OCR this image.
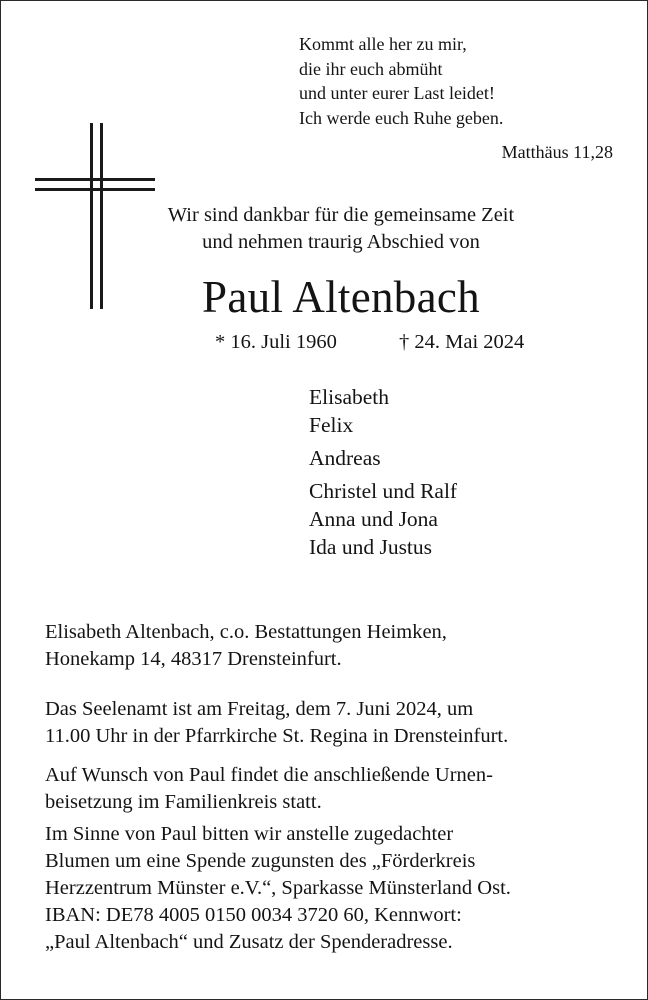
Kommt alle her zu mir,
die ihr euch abmüht
und unter eurer Last leidet!
Ich werde euch Ruhe geben.
Matthäus 11,28
Wir sind dankbar für die gemeinsame Zeit
und nehmen traurig Abschied von
Paul Altenbach
* 16. Juli 1960	† 24. Mai 2024
Elisabeth
Felix
Andreas
Christel und Ralf
Anna und Jona
Ida und Justus
Elisabeth Altenbach, c.o. Bestattungen Heimken,
Honekamp 14, 48317 Drensteinfurt.
Das Seelenamt ist am Freitag, dem 7. Juni 2024, um
11.00 Uhr in der Pfarrkirche St. Regina in Drensteinfurt.
Auf Wunsch von Paul findet die anschließende Urnen-
beisetzung im Familienkreis statt.
Im Sinne von Paul bitten wir anstelle zugedachter
Blumen um eine Spende zugunsten des „Förderkreis
Herzzentrum Münster e.V.“, Sparkasse Münsterland Ost.
IBAN: DE78 4005 0150 0034 3720 60, Kennwort:
„Paul Altenbach“ und Zusatz der Spenderadresse.
